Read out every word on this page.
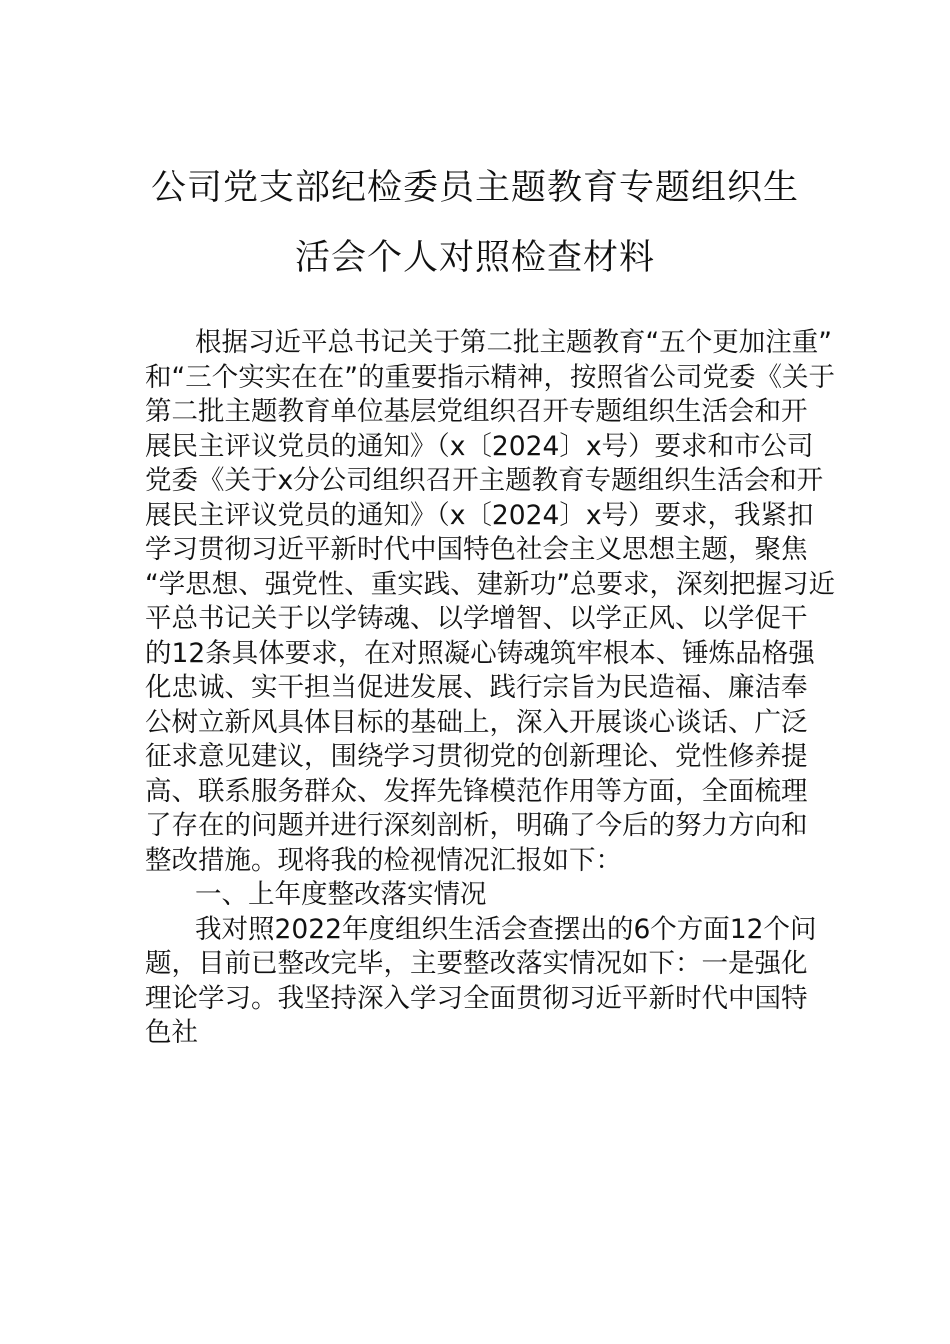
公司党支部纪检委员主题教育专题组织生
活会个人对照检查材料
根据习近平总书记关于第二批主题教育“五个更加注重”
和“三个实实在在”的重要指示精神，按照省公司党委《关于
第二批主题教育单位基层党组织召开专题组织生活会和开
展民主评议党员的通知》（x〔2024〕x号）要求和市公司
党委《关于x分公司组织召开主题教育专题组织生活会和开
展民主评议党员的通知》（x〔2024〕x号）要求，我紧扣
学习贯彻习近平新时代中国特色社会主义思想主题，聚焦
“学思想、强党性、重实践、建新功”总要求，深刻把握习近
平总书记关于以学铸魂、以学增智、以学正风、以学促干
的12条具体要求，在对照凝心铸魂筑牢根本、锤炼品格强
化忠诚、实干担当促进发展、践行宗旨为民造福、廉洁奉
公树立新风具体目标的基础上，深入开展谈心谈话、广泛
征求意见建议，围绕学习贯彻党的创新理论、党性修养提
高、联系服务群众、发挥先锋模范作用等方面，全面梳理
了存在的问题并进行深刻剖析，明确了今后的努力方向和
整改措施。现将我的检视情况汇报如下：
一、上年度整改落实情况
我对照2022年度组织生活会查摆出的6个方面12个问
题，目前已整改完毕，主要整改落实情况如下：一是强化
理论学习。我坚持深入学习全面贯彻习近平新时代中国特
色社
